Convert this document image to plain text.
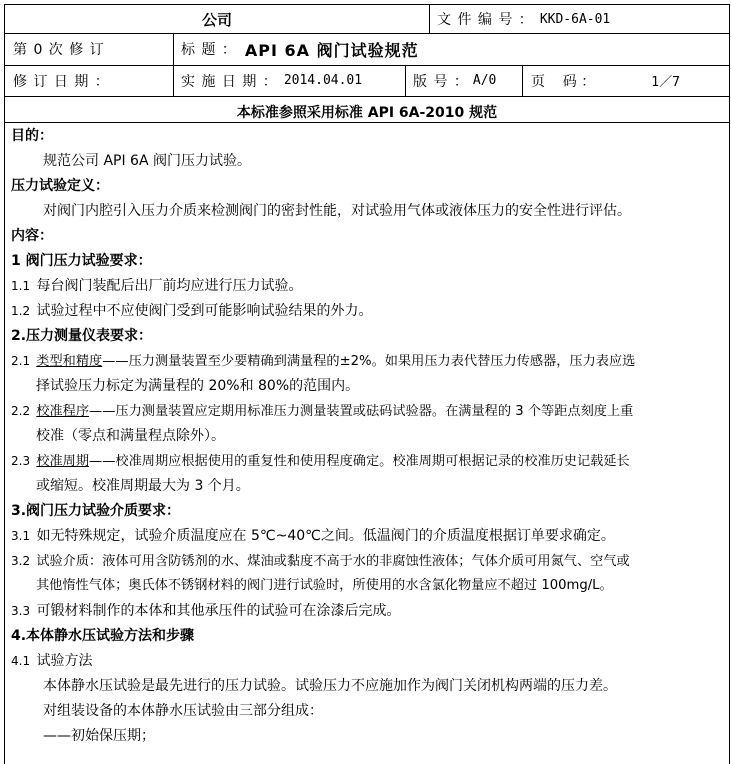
公司	文 件 编 号 ： KKD-6A-01
第 0 次 修 订	标 题 ： API 6A 阀门试验规范
修 订 日 期 ：	实 施 日 期 ： 2014.04.01	版 号 ： A/0 页    码 ：	1／7
本标准参照采用标准 API 6A-2010 规范
目的：
规范公司 API 6A 阀门压力试验。
压力试验定义：
对阀门内腔引入压力介质来检测阀门的密封性能，对试验用气体或液体压力的安全性进行评估。
内容：
1 阀门压力试验要求：
1.1 每台阀门装配后出厂前均应进行压力试验。
1.2 试验过程中不应使阀门受到可能影响试验结果的外力。
2.压力测量仪表要求：
2.1 类型和精度——压力测量装置至少要精确到满量程的±2%。如果用压力表代替压力传感器，压力表应选
择试验压力标定为满量程的 20%和 80%的范围内。
2.2 校准程序——压力测量装置应定期用标准压力测量装置或砝码试验器。在满量程的 3 个等距点刻度上重
校准（零点和满量程点除外）。
2.3 校准周期——校准周期应根据使用的重复性和使用程度确定。校准周期可根据记录的校准历史记载延长
或缩短。校准周期最大为 3 个月。
3.阀门压力试验介质要求：
3.1 如无特殊规定，试验介质温度应在 5℃~40℃之间。低温阀门的介质温度根据订单要求确定。
3.2 试验介质：液体可用含防锈剂的水、煤油或黏度不高于水的非腐蚀性液体；气体介质可用氮气、空气或
其他惰性气体；奥氏体不锈钢材料的阀门进行试验时，所使用的水含氯化物量应不超过 100mg/L。
3.3 可锻材料制作的本体和其他承压件的试验可在涂漆后完成。
4.本体静水压试验方法和步骤
4.1 试验方法
本体静水压试验是最先进行的压力试验。试验压力不应施加作为阀门关闭机构两端的压力差。
对组装设备的本体静水压试验由三部分组成：
——初始保压期；
